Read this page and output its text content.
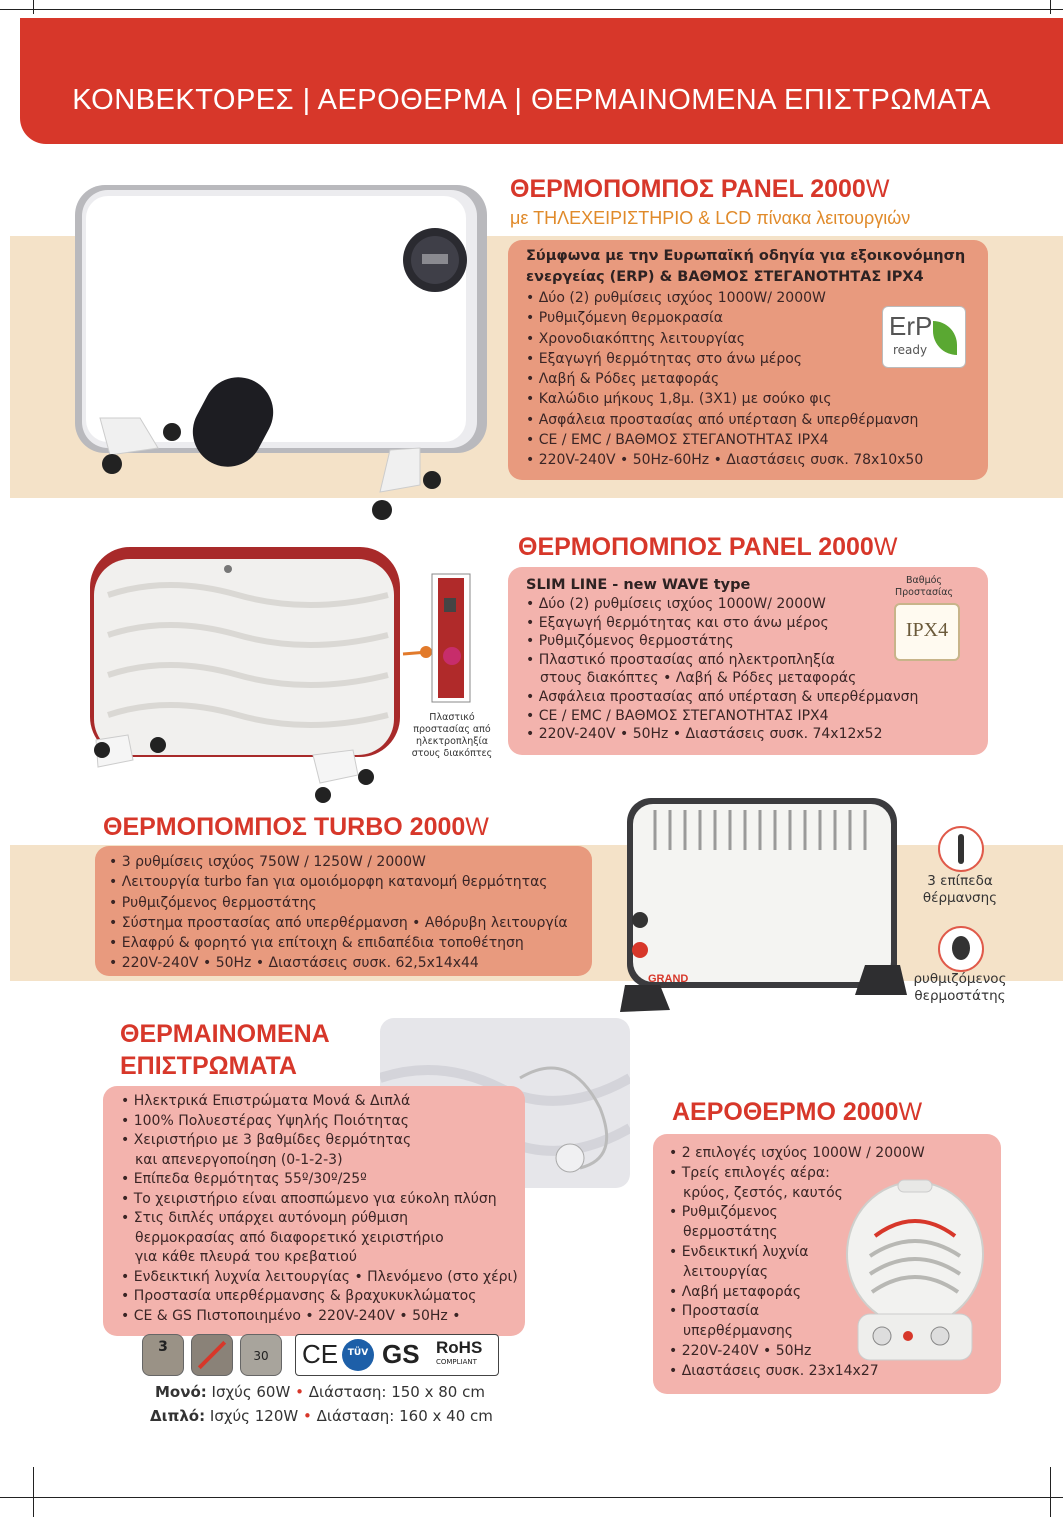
ΚΟΝΒΕΚΤΟΡΕΣ | ΑΕΡΟΘΕΡΜΑ | ΘΕΡΜΑΙΝΟΜΕΝΑ ΕΠΙΣΤΡΩΜΑΤΑ
ΘΕΡΜΟΠΟΜΠΟΣ PANEL 2000W
με ΤΗΛΕΧΕΙΡΙΣΤΗΡΙΟ & LCD πίνακα λειτουργιών
Σύμφωνα με την Ευρωπαϊκή οδηγία για εξοικονόμηση
ενεργείας (ERP) & ΒΑΘΜΟΣ ΣΤΕΓΑΝΟΤΗΤΑΣ IPX4
• Δύο (2) ρυθμίσεις ισχύος 1000W/ 2000W
• Ρυθμιζόμενη θερμοκρασία
• Χρονοδιακόπτης λειτουργίας
• Εξαγωγή θερμότητας στο άνω μέρος
• Λαβή & Ρόδες μεταφοράς
• Καλώδιο μήκους 1,8μ. (3Χ1) με σούκο φις
• Ασφάλεια προστασίας από υπέρταση & υπερθέρμανση
• CE / EMC / ΒΑΘΜΟΣ ΣΤΕΓΑΝΟΤΗΤΑΣ IPX4
• 220V-240V • 50Hz-60Hz • Διαστάσεις συσκ. 78x10x50
ErP
ready
Πλαστικό
προστασίας από
ηλεκτροπληξία
στους διακόπτες
ΘΕΡΜΟΠΟΜΠΟΣ PANEL 2000W
SLIM LINE - new WAVE type
• Δύο (2) ρυθμίσεις ισχύος 1000W/ 2000W
• Εξαγωγή θερμότητας και στο άνω μέρος
• Ρυθμιζόμενος θερμοστάτης
• Πλαστικό προστασίας από ηλεκτροπληξία
στους διακόπτες • Λαβή & Ρόδες μεταφοράς
• Ασφάλεια προστασίας από υπέρταση & υπερθέρμανση
• CE / EMC / ΒΑΘΜΟΣ ΣΤΕΓΑΝΟΤΗΤΑΣ IPX4
• 220V-240V • 50Hz • Διαστάσεις συσκ. 74x12x52
Βαθμός
Προστασίας
IPX4
ΘΕΡΜΟΠΟΜΠΟΣ TURBO 2000W
• 3 ρυθμίσεις ισχύος 750W / 1250W / 2000W
• Λειτουργία turbo fan για ομοιόμορφη κατανομή θερμότητας
• Ρυθμιζόμενος θερμοστάτης
• Σύστημα προστασίας από υπερθέρμανση • Αθόρυβη λειτουργία
• Ελαφρύ & φορητό για επίτοιχη & επιδαπέδια τοποθέτηση
• 220V-240V • 50Hz • Διαστάσεις συσκ. 62,5x14x44
GRAND
3 επίπεδα
θέρμανσης
ρυθμιζόμενος
θερμοστάτης
ΘΕΡΜΑΙΝΟΜΕΝΑ
ΕΠΙΣΤΡΩΜΑΤΑ
• Ηλεκτρικά Επιστρώματα Μονά & Διπλά
• 100% Πολυεστέρας Υψηλής Ποιότητας
• Χειριστήριο με 3 βαθμίδες θερμότητας
και απενεργοποίηση (0-1-2-3)
• Επίπεδα θερμότητας 55º/30º/25º
• Το χειριστήριο είναι αποσπώμενο για εύκολη πλύση
• Στις διπλές υπάρχει αυτόνομη ρύθμιση
θερμοκρασίας από διαφορετικό χειριστήριο
για κάθε πλευρά του κρεβατιού
• Ενδεικτική λυχνία λειτουργίας • Πλενόμενο (στο χέρι)
• Προστασία υπερθέρμανσης & βραχυκυκλώματος
• CE & GS Πιστοποιημένο • 220V-240V • 50Hz •
3
30	CE	TÜV GS RoHS
COMPLIANT
Μονό: Ισχύς 60W • Διάσταση: 150 x 80 cm
Διπλό: Ισχύς 120W • Διάσταση: 160 x 40 cm
ΑΕΡΟΘΕΡΜΟ 2000W
• 2 επιλογές ισχύος 1000W / 2000W
• Τρείς επιλογές αέρα:
κρύος, ζεστός, καυτός
• Ρυθμιζόμενος
θερμοστάτης
• Ενδεικτική λυχνία
λειτουργίας
• Λαβή μεταφοράς
• Προστασία
υπερθέρμανσης
• 220V-240V • 50Hz
• Διαστάσεις συσκ. 23x14x27
